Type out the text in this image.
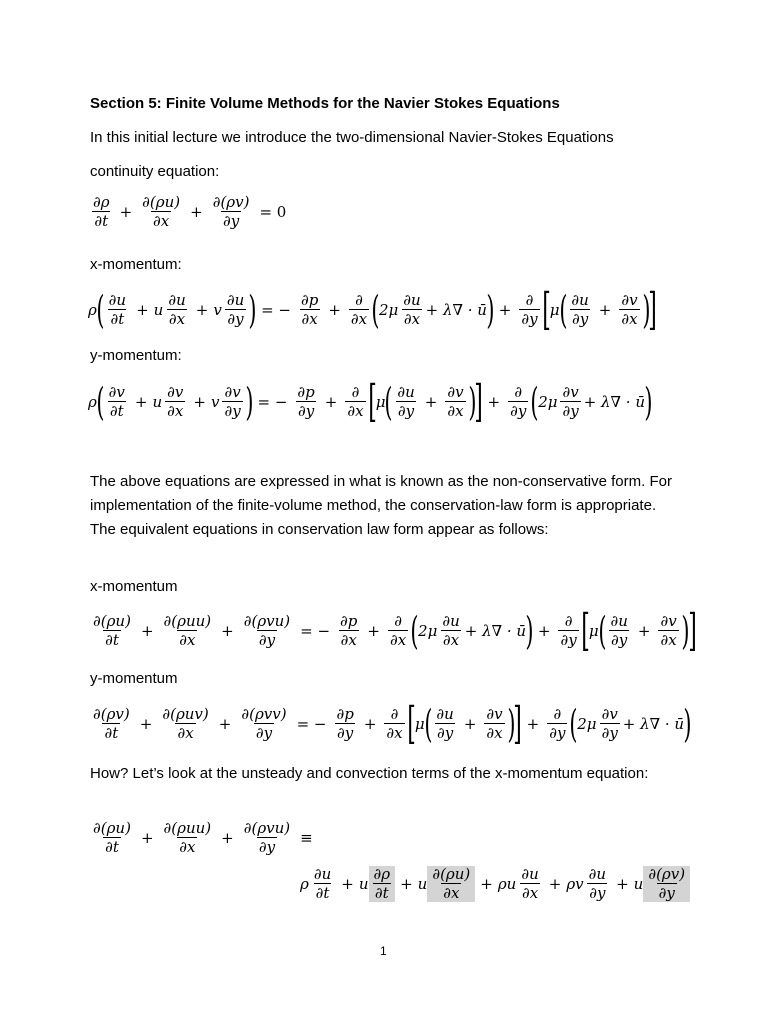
Section 5: Finite Volume Methods for the Navier Stokes Equations
In this initial lecture we introduce the two-dimensional Navier-Stokes Equations
continuity equation:
$\frac{\partial\rho}{\partial t} + \frac{\partial(\rho u)}{\partial x} + \frac{\partial(\rho v)}{\partial y} = 0$
x-momentum:
ρ ( $\frac{\partial u}{\partial t} + u \frac{\partial u}{\partial x} + v \frac{\partial u}{\partial y}$ ) = − $\frac{\partial p}{\partial x} + \frac{\partial}{\partial x}$ ( $2\mu \frac{\partial u}{\partial x} + \lambda\nabla$ · ū ) + $\frac{\partial}{\partial y}$ [ μ ( $\frac{\partial u}{\partial y} + \frac{\partial v}{\partial x}$ )
]
y-momentum:
ρ ( $\frac{\partial v}{\partial t} + u \frac{\partial v}{\partial x} + v \frac{\partial v}{\partial y}$ ) = − $\frac{\partial p}{\partial y} + \frac{\partial}{\partial x}$ [ μ ( $\frac{\partial u}{\partial y} + \frac{\partial v}{\partial x}$ )
] + $\frac{\partial}{\partial y}$ ( $2\mu \frac{\partial v}{\partial y} + \lambda\nabla$ · ū )
The above equations are expressed in what is known as the non-conservative form. For implementation of the finite-volume method, the conservation-law form is appropriate. The equivalent equations in conservation law form appear as follows:
x-momentum
$\frac{\partial(\rho u)}{\partial t} + \frac{\text{∂(ρuu)}}{\partial x} + \frac{\text{∂(ρvu)}}{\partial y}$ = − $\frac{\partial p}{\partial x} + \frac{\partial}{\partial x}$ ( $2\mu \frac{\partial u}{\partial x} + \lambda\nabla$ · ū ) + $\frac{\partial}{\partial y}$ [ μ ( $\frac{\partial u}{\partial y} + \frac{\partial v}{\partial x}$ )
]
y-momentum
$\frac{\partial(\rho v)}{\partial t} + \frac{\text{∂(ρuv)}}{\partial x} + \frac{\text{∂(ρvv)}}{\partial y}$ = − $\frac{\partial p}{\partial y} + \frac{\partial}{\partial x}$ [ μ ( $\frac{\partial u}{\partial y} + \frac{\partial v}{\partial x}$ )
] + $\frac{\partial}{\partial y}$ ( $2\mu \frac{\partial v}{\partial y} + \lambda\nabla$ · ū )
How? Let’s look at the unsteady and convection terms of the x-momentum equation:
$\frac{\partial(\rho u)}{\partial t} + \frac{\text{∂(ρuu)}}{\partial x} + \frac{\text{∂(ρvu)}}{\partial y}$ ≡
ρ $\frac{\partial u}{\partial t} + u \frac{\partial\rho}{\partial t} + u \frac{\partial(\rho u)}{\partial x} + \rho u \frac{\partial u}{\partial x} + \rho v \frac{\partial u}{\partial y} + u \frac{\partial(\rho v)}{\partial y}$
1
